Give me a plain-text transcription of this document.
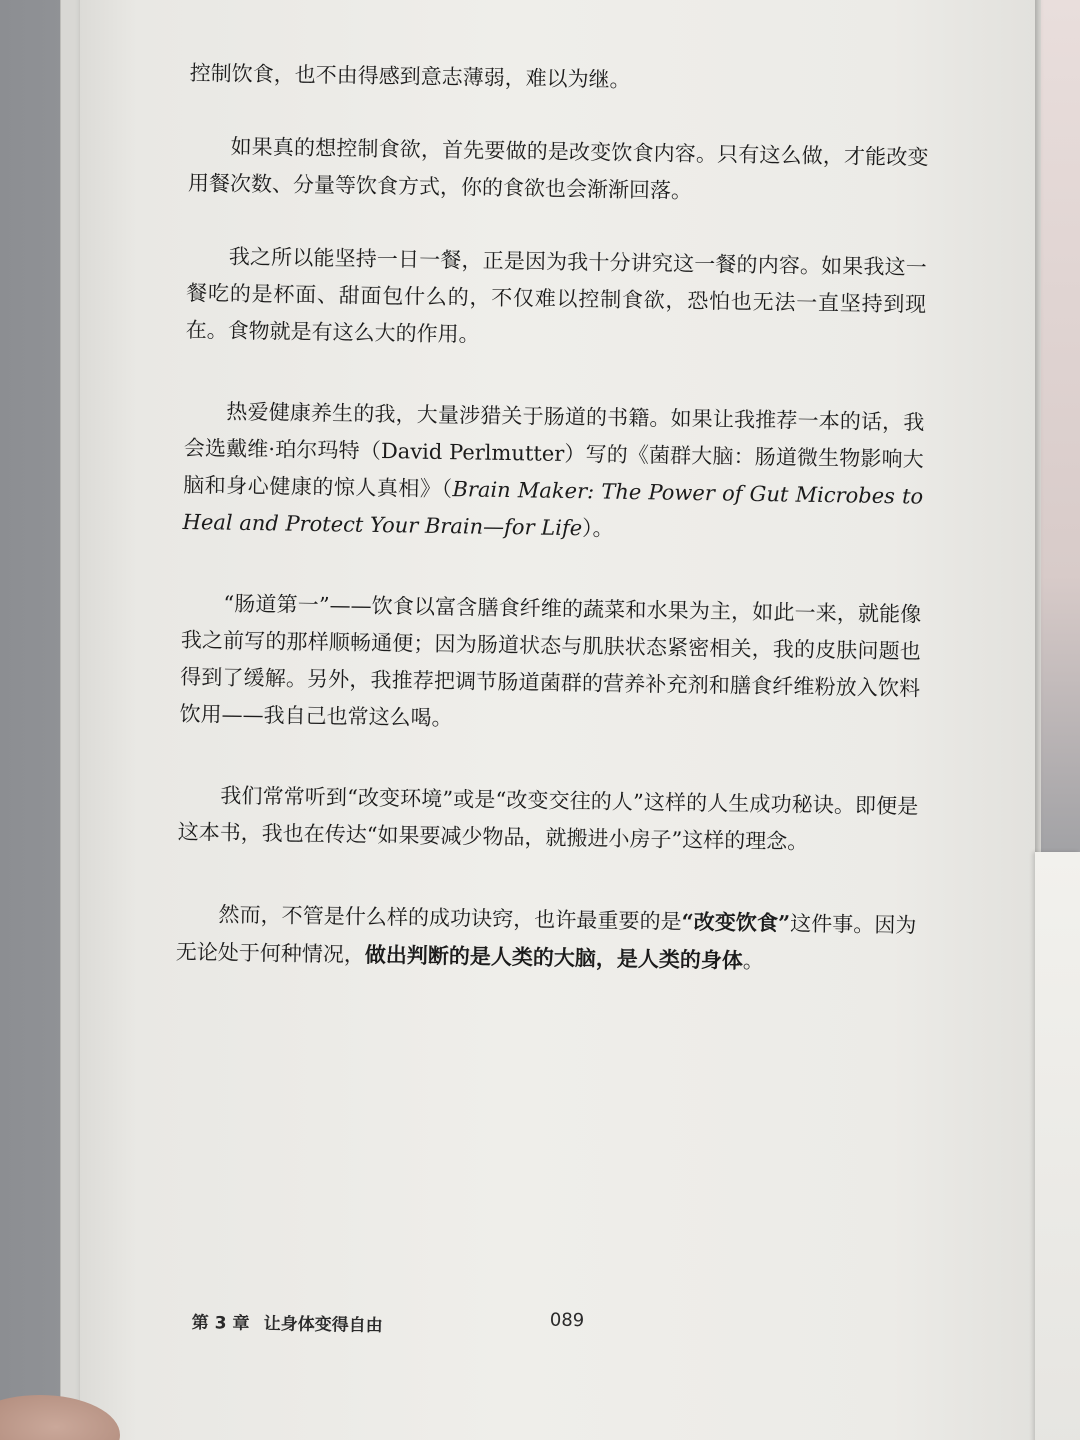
控制饮食，也不由得感到意志薄弱，难以为继。

如果真的想控制食欲，首先要做的是改变饮食内容。只有这么做，才能改变用餐次数、分量等饮食方式，你的食欲也会渐渐回落。

我之所以能坚持一日一餐，正是因为我十分讲究这一餐的内容。如果我这一餐吃的是杯面、甜面包什么的，不仅难以控制食欲，恐怕也无法一直坚持到现在。食物就是有这么大的作用。

热爱健康养生的我，大量涉猎关于肠道的书籍。如果让我推荐一本的话，我会选戴维·珀尔玛特（David Perlmutter）写的《菌群大脑：肠道微生物影响大脑和身心健康的惊人真相》（Brain Maker: The Power of Gut Microbes to Heal and Protect Your Brain—for Life）。

“肠道第一”——饮食以富含膳食纤维的蔬菜和水果为主，如此一来，就能像我之前写的那样顺畅通便；因为肠道状态与肌肤状态紧密相关，我的皮肤问题也得到了缓解。另外，我推荐把调节肠道菌群的营养补充剂和膳食纤维粉放入饮料饮用——我自己也常这么喝。

我们常常听到“改变环境”或是“改变交往的人”这样的人生成功秘诀。即便是这本书，我也在传达“如果要减少物品，就搬进小房子”这样的理念。

然而，不管是什么样的成功诀窍，也许最重要的是“改变饮食”这件事。因为无论处于何种情况，做出判断的是人类的大脑，是人类的身体。

第 3 章 让身体变得自由	089
